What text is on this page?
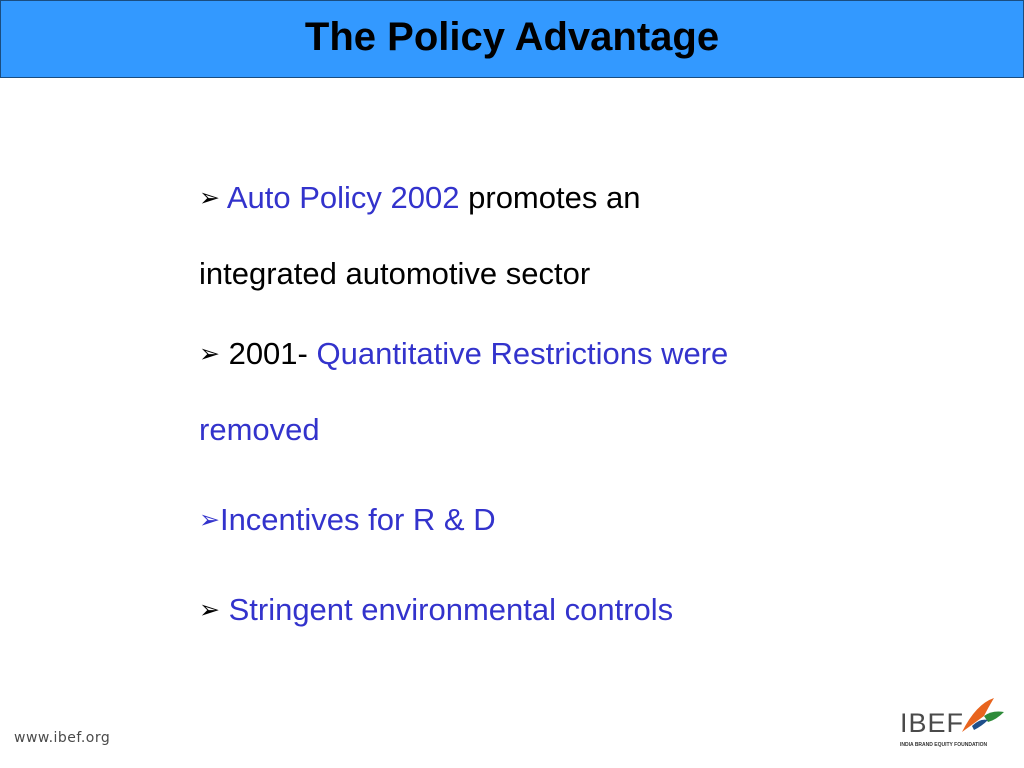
The Policy Advantage
➢ Auto Policy 2002 promotes an
integrated automotive sector
➢ 2001- Quantitative Restrictions were
removed
➢Incentives for R & D
➢ Stringent environmental controls
www.ibef.org	IBEF
INDIA BRAND EQUITY FOUNDATION
